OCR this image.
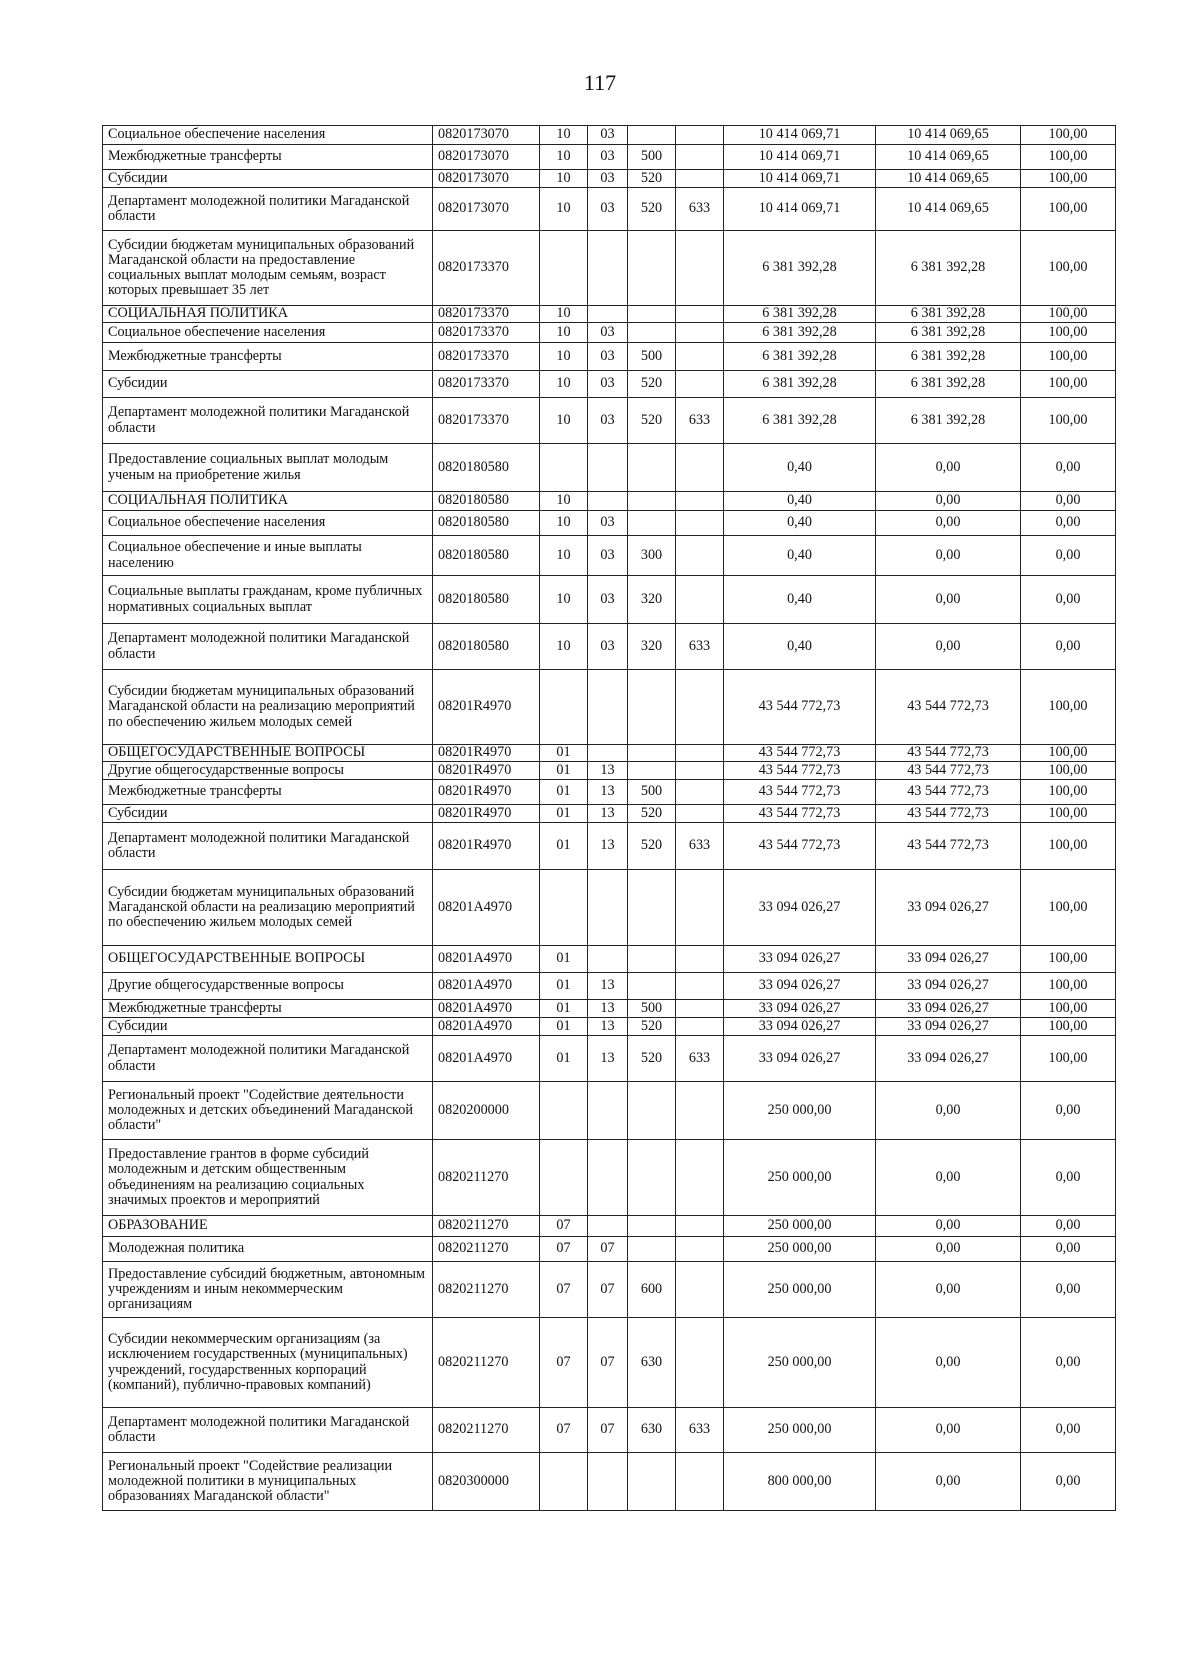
117
Социальное обеспечение населения	0820173070	10	03			10 414 069,71	10 414 069,65	100,00
Межбюджетные трансферты	0820173070	10	03	500		10 414 069,71	10 414 069,65	100,00
Субсидии	0820173070	10	03	520		10 414 069,71	10 414 069,65	100,00
Департамент молодежной политики Магаданской области	0820173070	10	03	520	633	10 414 069,71	10 414 069,65	100,00
Субсидии бюджетам муниципальных образований Магаданской области на предоставление социальных выплат молодым семьям, возраст которых превышает 35 лет	0820173370					6 381 392,28	6 381 392,28	100,00
СОЦИАЛЬНАЯ ПОЛИТИКА	0820173370	10				6 381 392,28	6 381 392,28	100,00
Социальное обеспечение населения	0820173370	10	03			6 381 392,28	6 381 392,28	100,00
Межбюджетные трансферты	0820173370	10	03	500		6 381 392,28	6 381 392,28	100,00
Субсидии	0820173370	10	03	520		6 381 392,28	6 381 392,28	100,00
Департамент молодежной политики Магаданской области	0820173370	10	03	520	633	6 381 392,28	6 381 392,28	100,00
Предоставление социальных выплат молодым ученым на приобретение жилья	0820180580					0,40	0,00	0,00
СОЦИАЛЬНАЯ ПОЛИТИКА	0820180580	10				0,40	0,00	0,00
Социальное обеспечение населения	0820180580	10	03			0,40	0,00	0,00
Социальное обеспечение и иные выплаты населению	0820180580	10	03	300		0,40	0,00	0,00
Социальные выплаты гражданам, кроме публичных нормативных социальных выплат	0820180580	10	03	320		0,40	0,00	0,00
Департамент молодежной политики Магаданской области	0820180580	10	03	320	633	0,40	0,00	0,00
Субсидии бюджетам муниципальных образований Магаданской области на реализацию мероприятий по обеспечению жильем молодых семей	08201R4970					43 544 772,73	43 544 772,73	100,00
ОБЩЕГОСУДАРСТВЕННЫЕ ВОПРОСЫ	08201R4970	01				43 544 772,73	43 544 772,73	100,00
Другие общегосударственные вопросы	08201R4970	01	13			43 544 772,73	43 544 772,73	100,00
Межбюджетные трансферты	08201R4970	01	13	500		43 544 772,73	43 544 772,73	100,00
Субсидии	08201R4970	01	13	520		43 544 772,73	43 544 772,73	100,00
Департамент молодежной политики Магаданской области	08201R4970	01	13	520	633	43 544 772,73	43 544 772,73	100,00
Субсидии бюджетам муниципальных образований Магаданской области на реализацию мероприятий по обеспечению жильем молодых семей	08201A4970					33 094 026,27	33 094 026,27	100,00
ОБЩЕГОСУДАРСТВЕННЫЕ ВОПРОСЫ	08201A4970	01				33 094 026,27	33 094 026,27	100,00
Другие общегосударственные вопросы	08201A4970	01	13			33 094 026,27	33 094 026,27	100,00
Межбюджетные трансферты	08201A4970	01	13	500		33 094 026,27	33 094 026,27	100,00
Субсидии	08201A4970	01	13	520		33 094 026,27	33 094 026,27	100,00
Департамент молодежной политики Магаданской области	08201A4970	01	13	520	633	33 094 026,27	33 094 026,27	100,00
Региональный проект "Содействие деятельности молодежных и детских объединений Магаданской области"	0820200000					250 000,00	0,00	0,00
Предоставление грантов в форме субсидий молодежным и детским общественным объединениям на реализацию социальных значимых проектов и мероприятий	0820211270					250 000,00	0,00	0,00
ОБРАЗОВАНИЕ	0820211270	07				250 000,00	0,00	0,00
Молодежная политика	0820211270	07	07			250 000,00	0,00	0,00
Предоставление субсидий бюджетным, автономным учреждениям и иным некоммерческим организациям	0820211270	07	07	600		250 000,00	0,00	0,00
Субсидии некоммерческим организациям (за исключением государственных (муниципальных) учреждений, государственных корпораций (компаний), публично-правовых компаний)	0820211270	07	07	630		250 000,00	0,00	0,00
Департамент молодежной политики Магаданской области	0820211270	07	07	630	633	250 000,00	0,00	0,00
Региональный проект "Содействие реализации молодежной политики в муниципальных образованиях Магаданской области"	0820300000					800 000,00	0,00	0,00
